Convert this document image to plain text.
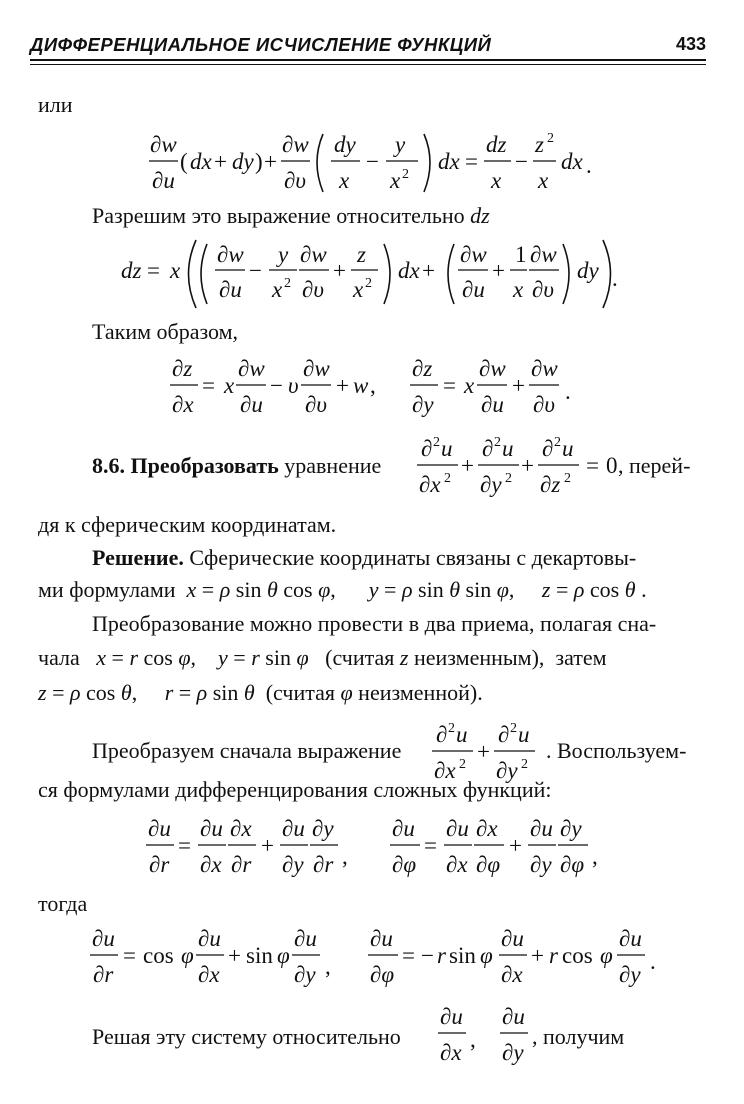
ДИФФЕРЕНЦИАЛЬНОЕ ИСЧИСЛЕНИЕ ФУНКЦИЙ	433
или
∂w
∂u
( dx + dy ) +
∂w
∂υ
dy
x
−
y
x 2
dx =
dz
x
−
z 2
x
dx .
Разрешим это выражение относительно dz
dz = x
∂w
∂u
−
y
x 2
∂w
∂υ
+
z
x 2
dx +
∂w
∂u
+
1
x
∂w
∂υ
dy .
Таким образом,
∂z
∂x
= x
∂w
∂u
− υ
∂w
∂υ
+ w ,
∂z
∂y
= x
∂w
∂u
+
∂w
∂υ
.
8.6. Преобразовать уравнение
∂ 2 u
∂x 2
+
∂ 2 u
∂y 2
+
∂ 2 u
∂z 2
= 0 , перей-
дя к сферическим координатам.
Решение. Сферические координаты связаны с декартовы-
ми формулами x = ρ sin θ cos φ, y = ρ sin θ sin φ, z = ρ cos θ .
Преобразование можно провести в два приема, полагая сна-
чала x = r cos φ,    y = r sin φ (считая z неизменным), затем
z = ρ cos θ,     r = ρ sin θ (считая φ неизменной).
Преобразуем сначала выражение
∂ 2 u
∂x 2
+
∂ 2 u
∂y 2
. Воспользуем-
ся формулами дифференцирования сложных функций:
∂u
∂r
=
∂u
∂x
∂x
∂r
+
∂u
∂y
∂y
∂r ,
∂u
∂φ
=
∂u
∂x
∂x
∂φ
+
∂u
∂y
∂y
∂φ ,
тогда
∂u
∂r
= cos φ
∂u
∂x
+ sin φ
∂u
∂y ,
∂u
∂φ
= − r sin φ
∂u
∂x
+ r cos φ
∂u
∂y
.
Решая эту систему относительно
∂u
∂x
,
∂u
∂y
, получим
